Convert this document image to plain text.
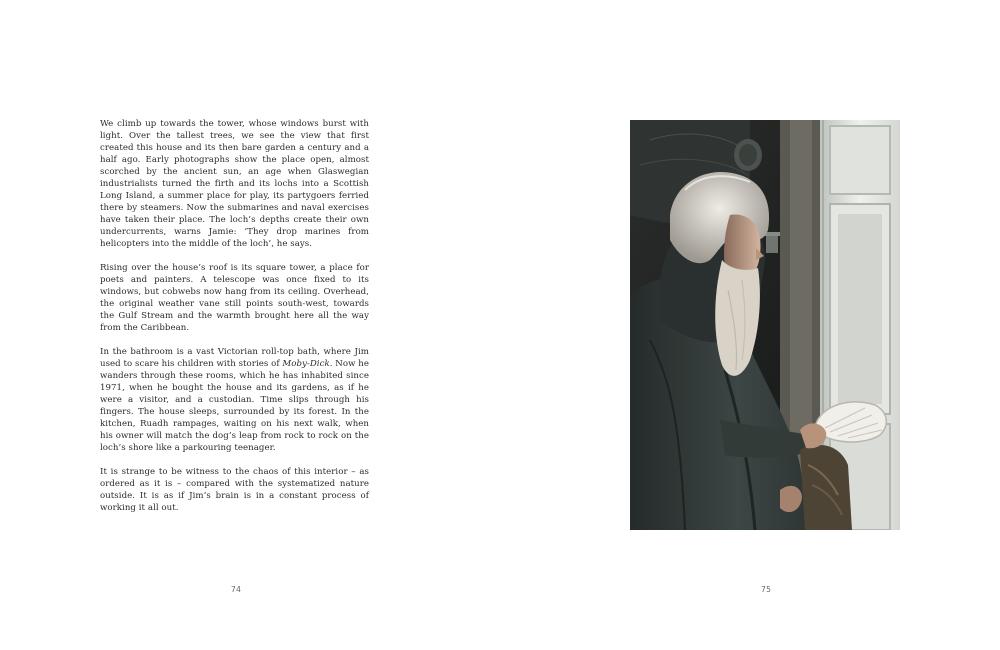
We climb up towards the tower, whose windows burst with light. Over the tallest trees, we see the view that first created this house and its then bare garden a century and a half ago. Early photographs show the place open, almost scorched by the ancient sun, an age when Glaswegian industrialists turned the firth and its lochs into a Scottish Long Island, a summer place for play, its partygoers ferried there by steamers. Now the submarines and naval exercises have taken their place. The loch’s depths create their own undercurrents, warns Jamie: ‘They drop marines from helicopters into the middle of the loch’, he says.

Rising over the house’s roof is its square tower, a place for poets and painters. A telescope was once fixed to its windows, but cobwebs now hang from its ceiling. Overhead, the original weather vane still points south-west, towards the Gulf Stream and the warmth brought here all the way from the Caribbean.

In the bathroom is a vast Victorian roll-top bath, where Jim used to scare his children with stories of Moby-Dick. Now he wanders through these rooms, which he has inhabited since 1971, when he bought the house and its gardens, as if he were a visitor, and a custodian. Time slips through his fingers. The house sleeps, surrounded by its forest. In the kitchen, Ruadh rampages, waiting on his next walk, when his owner will match the dog’s leap from rock to rock on the loch’s shore like a parkouring teenager.

It is strange to be witness to the chaos of this interior – as ordered as it is – compared with the systematized nature outside. It is as if Jim’s brain is in a constant process of working it all out.

74	75
